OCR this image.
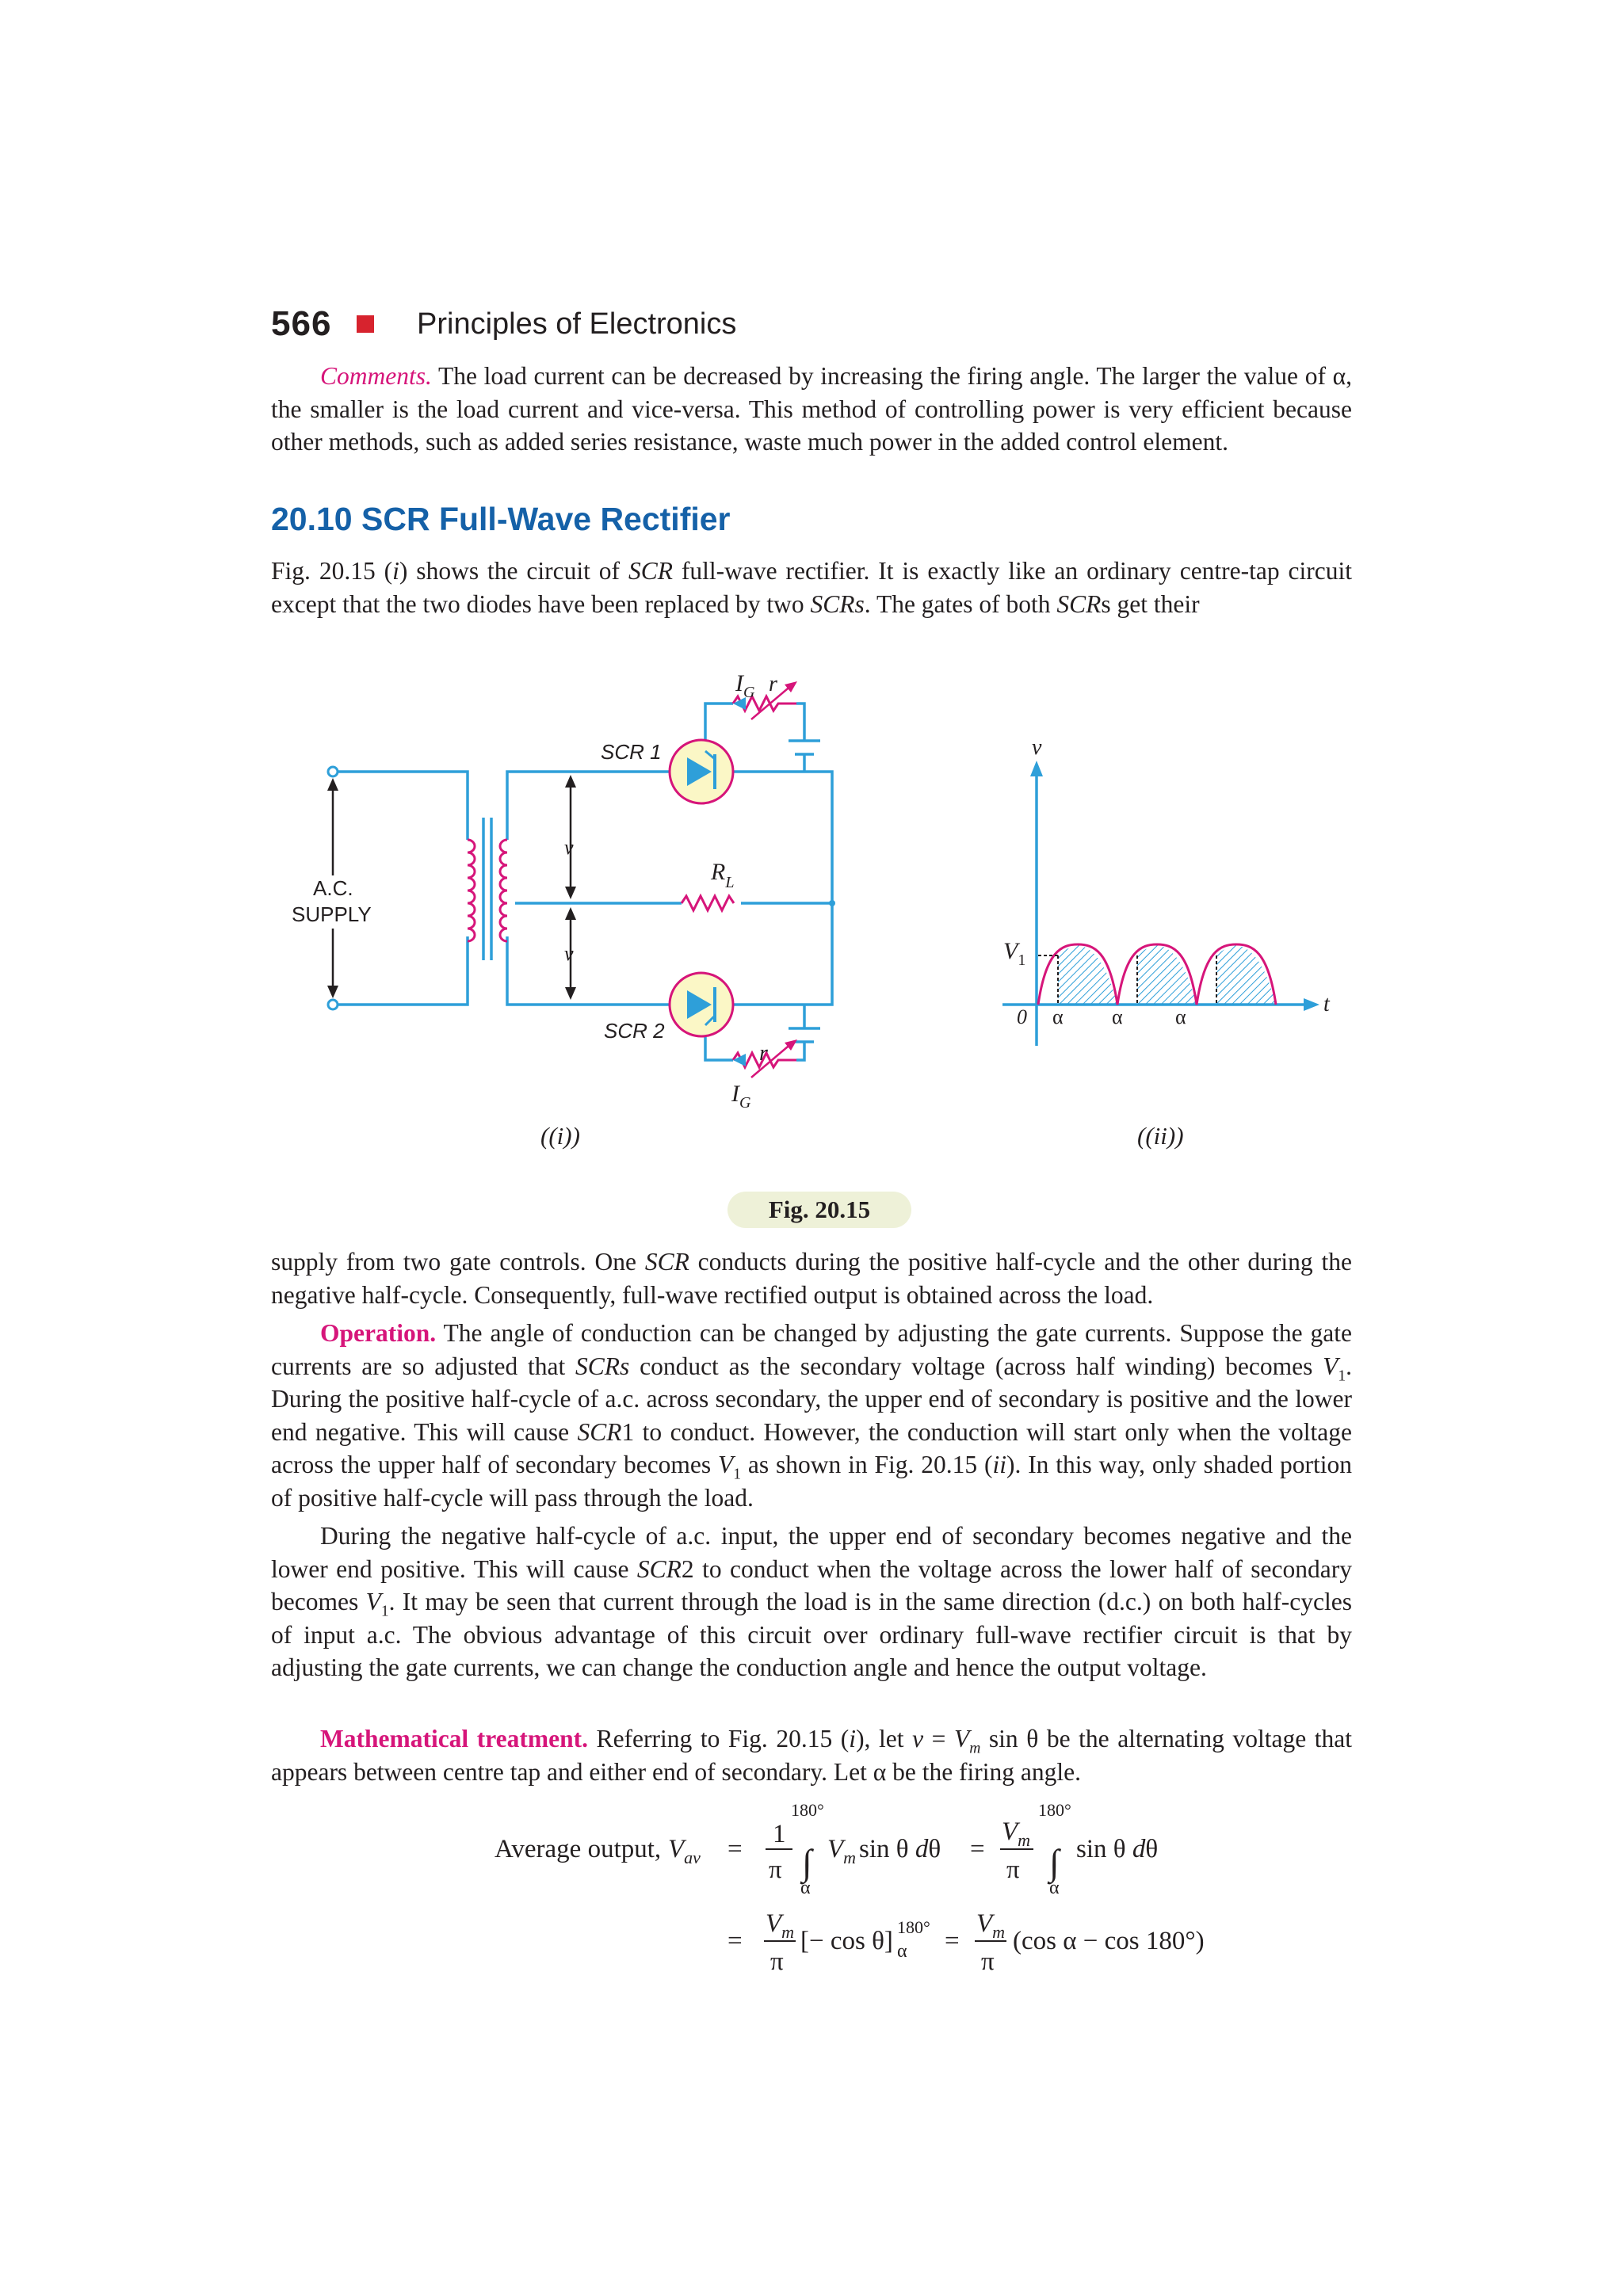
566	Principles of Electronics

Comments. The load current can be decreased by increasing the firing angle. The larger the value of α, the smaller is the load current and vice-versa. This method of controlling power is very efficient because other methods, such as added series resistance, waste much power in the added control element.

20.10 SCR Full-Wave Rectifier

Fig. 20.15 (i) shows the circuit of SCR full-wave rectifier. It is exactly like an ordinary centre-tap circuit except that the two diodes have been replaced by two SCRs. The gates of both SCRs get their

A.C.
SUPPLY
SCR 1
SCR 2
v
v
$R_L$
$I_G$ r
$I_G$
r
((i))
v
t
0
$V_1$
α α	α
((ii))
Fig. 20.15

supply from two gate controls. One SCR conducts during the positive half-cycle and the other during the negative half-cycle. Consequently, full-wave rectified output is obtained across the load.

Operation. The angle of conduction can be changed by adjusting the gate currents. Suppose the gate currents are so adjusted that SCRs conduct as the secondary voltage (across half winding) becomes $V_1$. During the positive half-cycle of a.c. across secondary, the upper end of secondary is positive and the lower end negative. This will cause SCR1 to conduct. However, the conduction will start only when the voltage across the upper half of secondary becomes $V_1$ as shown in Fig. 20.15 (ii). In this way, only shaded portion of positive half-cycle will pass through the load.

During the negative half-cycle of a.c. input, the upper end of secondary becomes negative and the lower end positive. This will cause SCR2 to conduct when the voltage across the lower half of secondary becomes $V_1$. It may be seen that current through the load is in the same direction (d.c.) on both half-cycles of input a.c. The obvious advantage of this circuit over ordinary full-wave rectifier circuit is that by adjusting the gate currents, we can change the conduction angle and hence the output voltage.

Mathematical treatment. Referring to Fig. 20.15 (i), let $v = V_m$ sin θ be the alternating voltage that appears between centre tap and either end of secondary. Let α be the firing angle.

Average output, $V_{av}$ =
1
π
180°
∫
α
$V_m$ sin θ dθ =
$V_m$
π
180°
∫
α
sin θ dθ
=
$V_m$
π
[− cos θ] 180°
α =
$V_m$
π
(cos α − cos 180°)
